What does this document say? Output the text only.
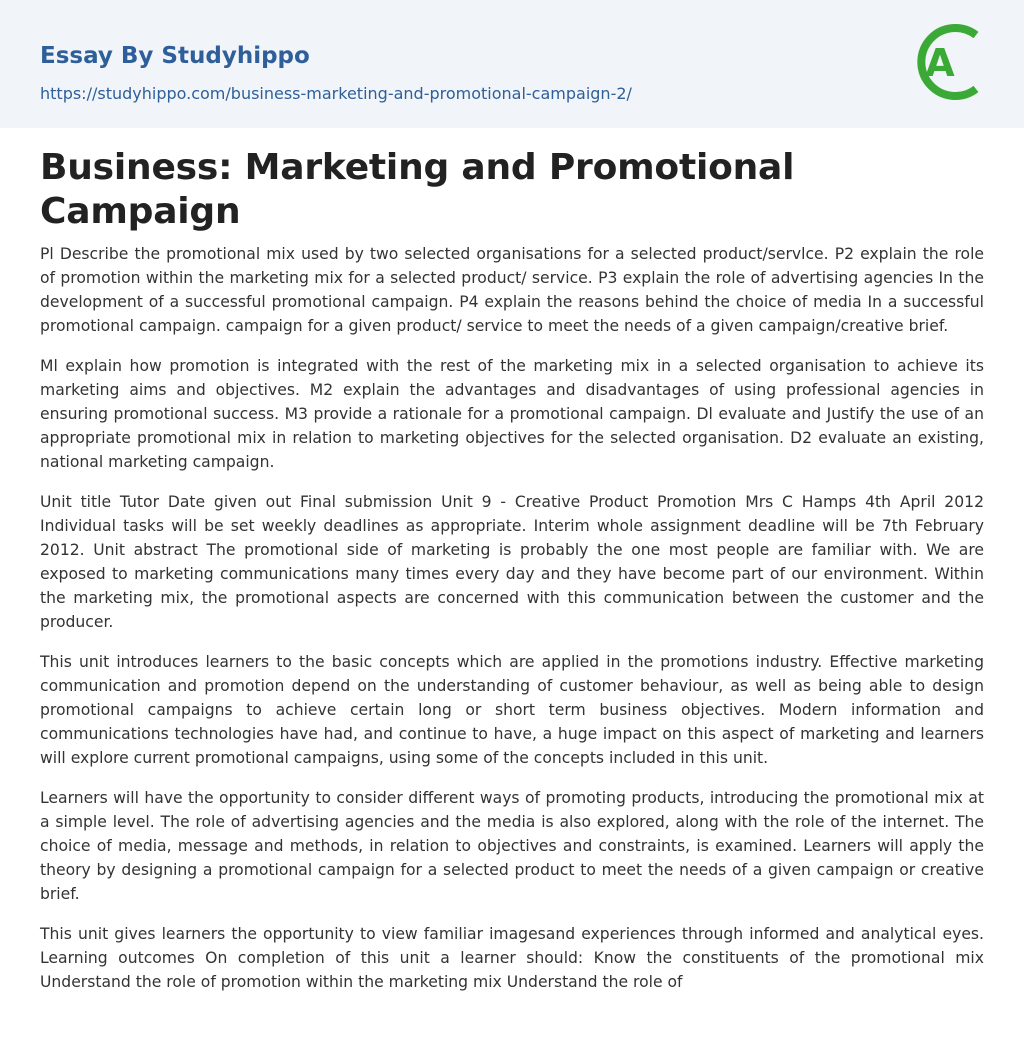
Essay By Studyhippo
https://studyhippo.com/business-marketing-and-promotional-campaign-2/
A
Business: Marketing and Promotional Campaign

Pl Describe the promotional mix used by two selected organisations for a selected product/servlce. P2 explain the role of promotion within the marketing mix for a selected product/ service. P3 explain the role of advertising agencies In the development of a successful promotional campaign. P4 explain the reasons behind the choice of media In a successful promotional campaign. campaign for a given product/ service to meet the needs of a given campaign/creative brief.

Ml explain how promotion is integrated with the rest of the marketing mix in a selected organisation to achieve its marketing aims and objectives. M2 explain the advantages and disadvantages of using professional agencies in ensuring promotional success. M3 provide a rationale for a promotional campaign. Dl evaluate and Justify the use of an appropriate promotional mix in relation to marketing objectives for the selected organisation. D2 evaluate an existing, national marketing campaign.

Unit title Tutor Date given out Final submission Unit 9 - Creative Product Promotion Mrs C Hamps 4th April 2012 Individual tasks will be set weekly deadlines as appropriate. Interim whole assignment deadline will be 7th February 2012. Unit abstract The promotional side of marketing is probably the one most people are familiar with. We are exposed to marketing communications many times every day and they have become part of our environment. Within the marketing mix, the promotional aspects are concerned with this communication between the customer and the producer.

This unit introduces learners to the basic concepts which are applied in the promotions industry. Effective marketing communication and promotion depend on the understanding of customer behaviour, as well as being able to design promotional campaigns to achieve certain long or short term business objectives. Modern information and communications technologies have had, and continue to have, a huge impact on this aspect of marketing and learners will explore current promotional campaigns, using some of the concepts included in this unit.

Learners will have the opportunity to consider different ways of promoting products, introducing the promotional mix at a simple level. The role of advertising agencies and the media is also explored, along with the role of the internet. The choice of media, message and methods, in relation to objectives and constraints, is examined. Learners will apply the theory by designing a promotional campaign for a selected product to meet the needs of a given campaign or creative brief.

This unit gives learners the opportunity to view familiar imagesand experiences through informed and analytical eyes. Learning outcomes On completion of this unit a learner should: Know the constituents of the promotional mix Understand the role of promotion within the marketing mix Understand the role of
